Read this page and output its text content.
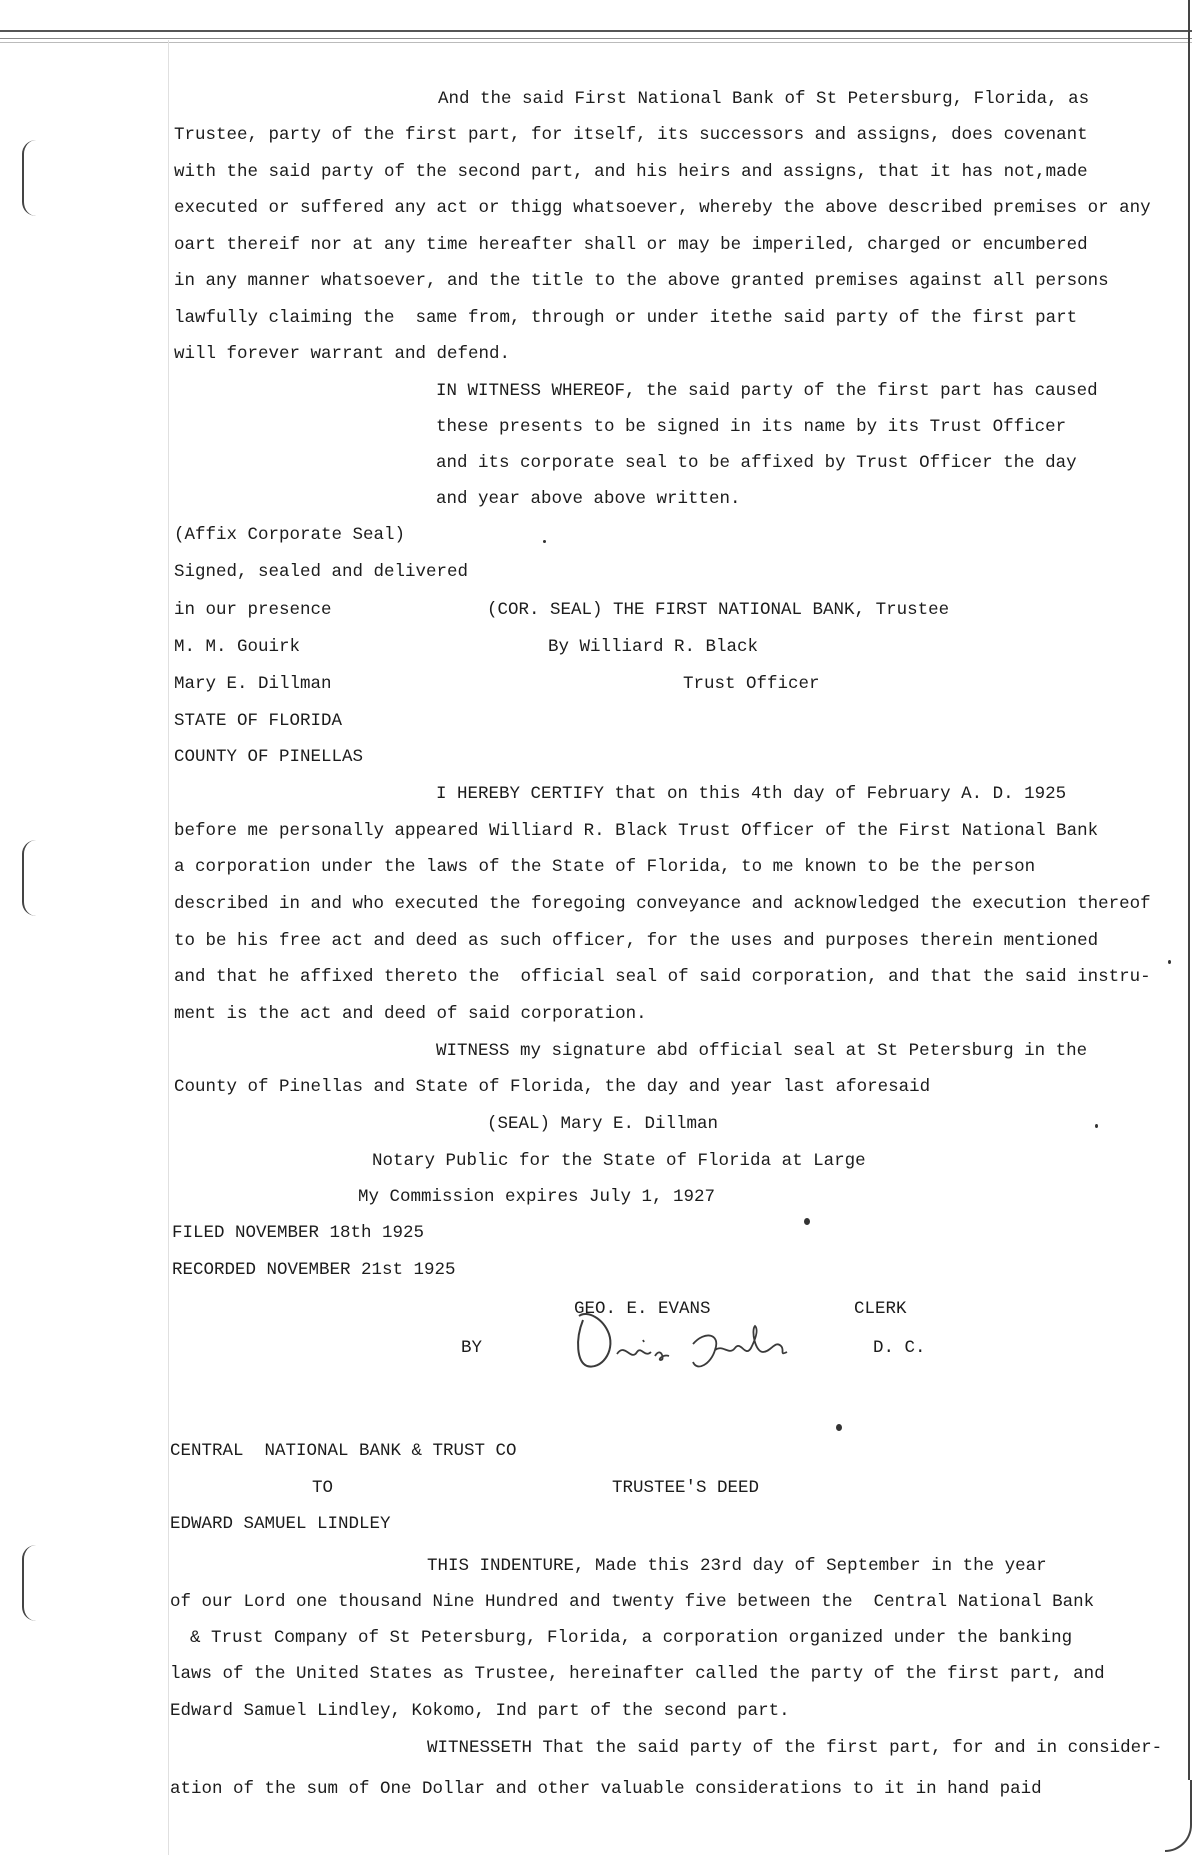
And the said First National Bank of St Petersburg, Florida, as
Trustee, party of the first part, for itself, its successors and assigns, does covenant
with the said party of the second part, and his heirs and assigns, that it has not,made
executed or suffered any act or thigg whatsoever, whereby the above described premises or any
oart thereif nor at any time hereafter shall or may be imperiled, charged or encumbered
in any manner whatsoever, and the title to the above granted premises against all persons
lawfully claiming the  same from, through or under itethe said party of the first part
will forever warrant and defend.
IN WITNESS WHEREOF, the said party of the first part has caused
these presents to be signed in its name by its Trust Officer
and its corporate seal to be affixed by Trust Officer the day
and year above above written.
(Affix Corporate Seal)
Signed, sealed and delivered
in our presence
M. M. Gouirk
Mary E. Dillman
STATE OF FLORIDA
COUNTY OF PINELLAS
(COR. SEAL) THE FIRST NATIONAL BANK, Trustee
By Williard R. Black
Trust Officer
I HEREBY CERTIFY that on this 4th day of February A. D. 1925
before me personally appeared Williard R. Black Trust Officer of the First National Bank
a corporation under the laws of the State of Florida, to me known to be the person
described in and who executed the foregoing conveyance and acknowledged the execution thereof
to be his free act and deed as such officer, for the uses and purposes therein mentioned
and that he affixed thereto the  official seal of said corporation, and that the said instru-
ment is the act and deed of said corporation.
WITNESS my signature abd official seal at St Petersburg in the
County of Pinellas and State of Florida, the day and year last aforesaid
(SEAL) Mary E. Dillman
Notary Public for the State of Florida at Large
My Commission expires July 1, 1927
FILED NOVEMBER 18th 1925
RECORDED NOVEMBER 21st 1925
GEO. E. EVANS	CLERK
BY	D. C.
CENTRAL  NATIONAL BANK & TRUST CO
TO	TRUSTEE'S DEED
EDWARD SAMUEL LINDLEY
THIS INDENTURE, Made this 23rd day of September in the year
of our Lord one thousand Nine Hundred and twenty five between the  Central National Bank
& Trust Company of St Petersburg, Florida, a corporation organized under the banking
laws of the United States as Trustee, hereinafter called the party of the first part, and
Edward Samuel Lindley, Kokomo, Ind part of the second part.
WITNESSETH That the said party of the first part, for and in consider-
ation of the sum of One Dollar and other valuable considerations to it in hand paid
